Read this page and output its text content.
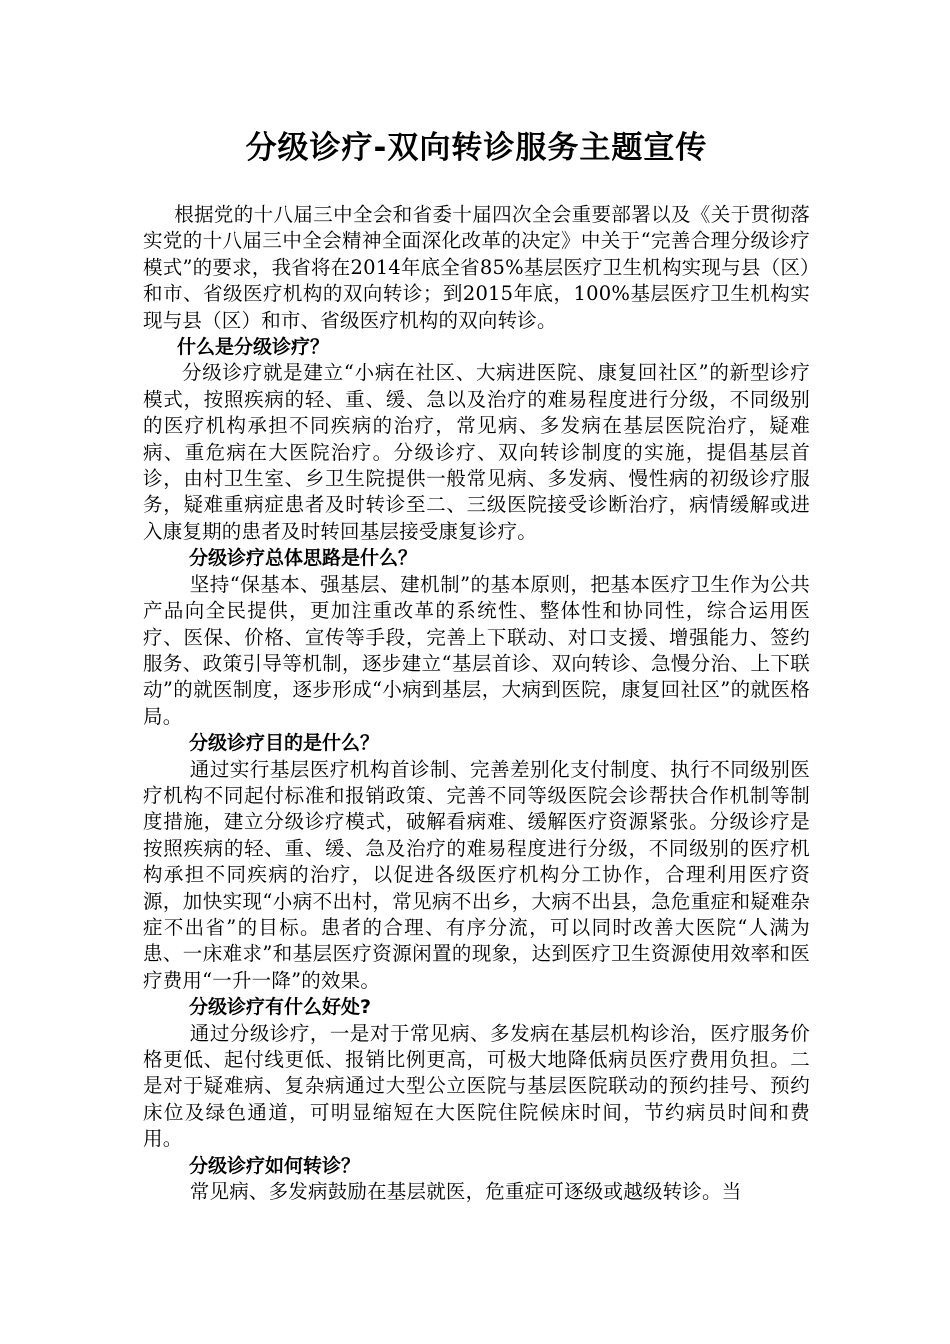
分级诊疗-双向转诊服务主题宣传

根据党的十八届三中全会和省委十届四次全会重要部署以及《关于贯彻落实党的十八届三中全会精神全面深化改革的决定》中关于“完善合理分级诊疗模式”的要求，我省将在2014年底全省85%基层医疗卫生机构实现与县（区）和市、省级医疗机构的双向转诊；到2015年底，100%基层医疗卫生机构实现与县（区）和市、省级医疗机构的双向转诊。

什么是分级诊疗？

分级诊疗就是建立“小病在社区、大病进医院、康复回社区”的新型诊疗模式，按照疾病的轻、重、缓、急以及治疗的难易程度进行分级，不同级别的医疗机构承担不同疾病的治疗，常见病、多发病在基层医院治疗，疑难病、重危病在大医院治疗。分级诊疗、双向转诊制度的实施，提倡基层首诊，由村卫生室、乡卫生院提供一般常见病、多发病、慢性病的初级诊疗服务，疑难重病症患者及时转诊至二、三级医院接受诊断治疗，病情缓解或进入康复期的患者及时转回基层接受康复诊疗。

分级诊疗总体思路是什么？

坚持“保基本、强基层、建机制”的基本原则，把基本医疗卫生作为公共产品向全民提供，更加注重改革的系统性、整体性和协同性，综合运用医疗、医保、价格、宣传等手段，完善上下联动、对口支援、增强能力、签约服务、政策引导等机制，逐步建立“基层首诊、双向转诊、急慢分治、上下联动”的就医制度，逐步形成“小病到基层，大病到医院，康复回社区”的就医格局。

分级诊疗目的是什么？

通过实行基层医疗机构首诊制、完善差别化支付制度、执行不同级别医疗机构不同起付标准和报销政策、完善不同等级医院会诊帮扶合作机制等制度措施，建立分级诊疗模式，破解看病难、缓解医疗资源紧张。分级诊疗是按照疾病的轻、重、缓、急及治疗的难易程度进行分级，不同级别的医疗机构承担不同疾病的治疗，以促进各级医疗机构分工协作，合理利用医疗资源，加快实现“小病不出村，常见病不出乡，大病不出县，急危重症和疑难杂症不出省”的目标。患者的合理、有序分流，可以同时改善大医院“人满为患、一床难求”和基层医疗资源闲置的现象，达到医疗卫生资源使用效率和医疗费用“一升一降”的效果。

分级诊疗有什么好处?

通过分级诊疗，一是对于常见病、多发病在基层机构诊治，医疗服务价格更低、起付线更低、报销比例更高，可极大地降低病员医疗费用负担。二是对于疑难病、复杂病通过大型公立医院与基层医院联动的预约挂号、预约床位及绿色通道，可明显缩短在大医院住院候床时间，节约病员时间和费用。

分级诊疗如何转诊？

常见病、多发病鼓励在基层就医，危重症可逐级或越级转诊。当
